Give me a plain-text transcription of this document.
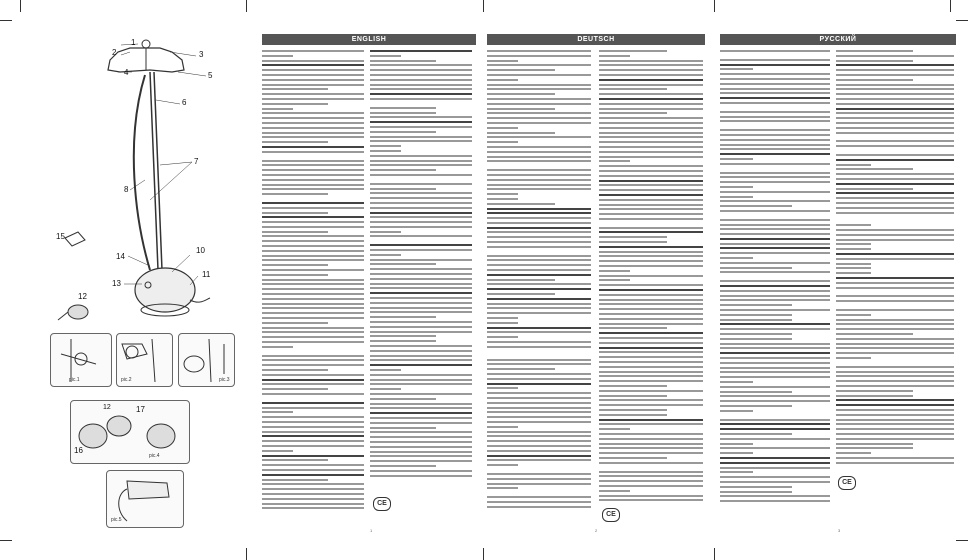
1
2	3
4	5
6
7
8
10
11
12
13
14
15
pic.1	pic.2	pic.3
12	17
16
pic.4
pic.5
ENGLISH
CE
1
DEUTSCH
CE
2
РУССКИЙ
CE
3
